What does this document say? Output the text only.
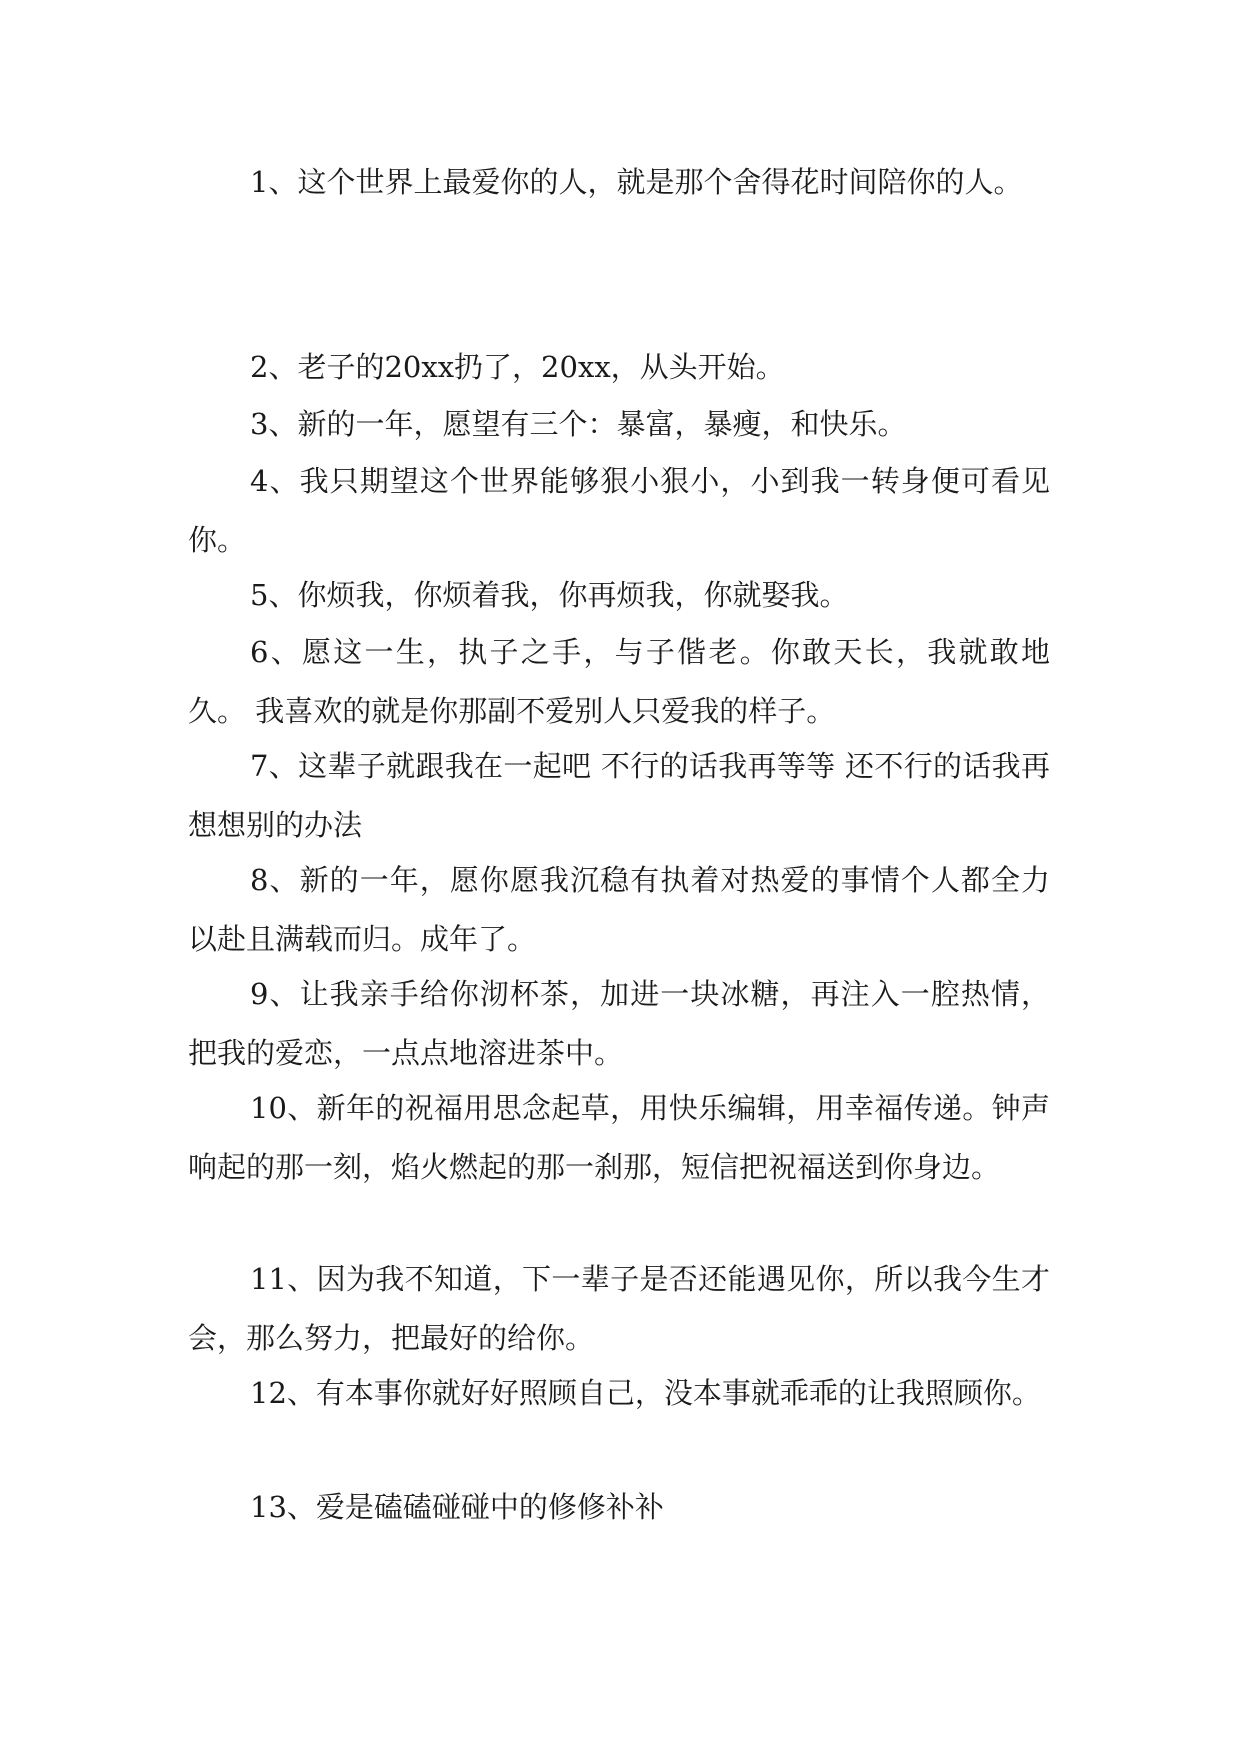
1、这个世界上最爱你的人，就是那个舍得花时间陪你的人。

2、老子的20xx扔了，20xx，从头开始。

3、新的一年，愿望有三个：暴富，暴瘦，和快乐。

4、我只期望这个世界能够狠小狠小，小到我一转身便可看见你。

5、你烦我，你烦着我，你再烦我，你就娶我。

6、愿这一生，执子之手，与子偕老。你敢天长，我就敢地久。 我喜欢的就是你那副不爱别人只爱我的样子。

7、这辈子就跟我在一起吧 不行的话我再等等 还不行的话我再想想别的办法

8、新的一年，愿你愿我沉稳有执着对热爱的事情个人都全力以赴且满载而归。成年了。

9、让我亲手给你沏杯茶，加进一块冰糖，再注入一腔热情，把我的爱恋，一点点地溶进茶中。

10、新年的祝福用思念起草，用快乐编辑，用幸福传递。钟声响起的那一刻，焰火燃起的那一刹那，短信把祝福送到你身边。

11、因为我不知道，下一辈子是否还能遇见你，所以我今生才会，那么努力，把最好的给你。

12、有本事你就好好照顾自己，没本事就乖乖的让我照顾你。

13、爱是磕磕碰碰中的修修补补
